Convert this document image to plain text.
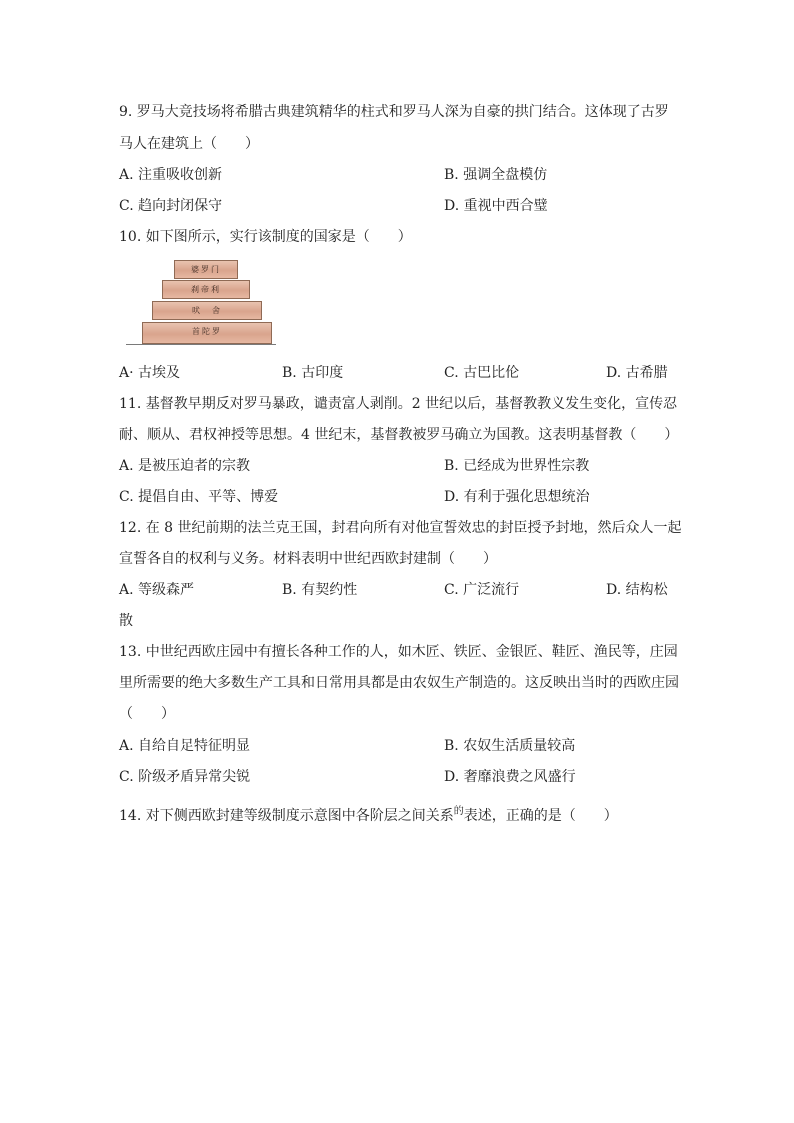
9. 罗马大竞技场将希腊古典建筑精华的柱式和罗马人深为自豪的拱门结合。这体现了古罗
马人在建筑上（　　）
A. 注重吸收创新	B. 强调全盘模仿
C. 趋向封闭保守	D. 重视中西合璧
10. 如下图所示，实行该制度的国家是（　　）
婆罗门
刹帝利
吠　舍
首陀罗
A· 古埃及	B. 古印度	C. 古巴比伦	D. 古希腊
11. 基督教早期反对罗马暴政，谴责富人剥削。2 世纪以后，基督教教义发生变化，宣传忍
耐、顺从、君权神授等思想。4 世纪末，基督教被罗马确立为国教。这表明基督教（　　）
A. 是被压迫者的宗教	B. 已经成为世界性宗教
C. 提倡自由、平等、博爱	D. 有利于强化思想统治
12. 在 8 世纪前期的法兰克王国，封君向所有对他宣誓效忠的封臣授予封地，然后众人一起
宣誓各自的权利与义务。材料表明中世纪西欧封建制（　　）
A. 等级森严	B. 有契约性	C. 广泛流行	D. 结构松
散
13. 中世纪西欧庄园中有擅长各种工作的人，如木匠、铁匠、金银匠、鞋匠、渔民等，庄园
里所需要的绝大多数生产工具和日常用具都是由农奴生产制造的。这反映出当时的西欧庄园
（　　）
A. 自给自足特征明显	B. 农奴生活质量较高
C. 阶级矛盾异常尖锐	D. 奢靡浪费之风盛行
14. 对下侧西欧封建等级制度示意图中各阶层之间关系$^的$表述，正确的是（　　）
